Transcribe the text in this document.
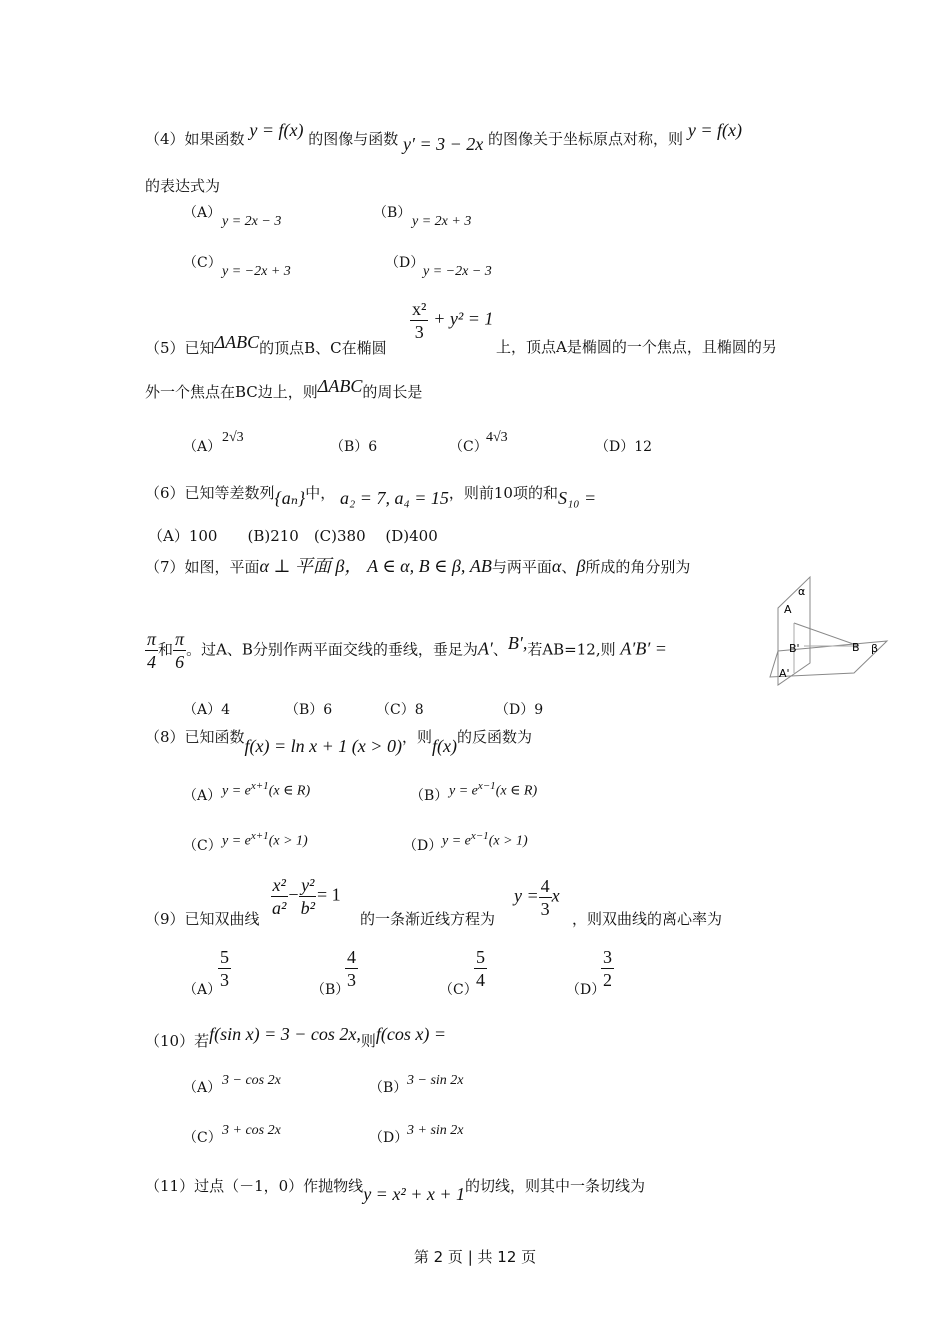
（4）如果函数 y = f(x) 的图像与函数 y′ = 3 − 2x 的图像关于坐标原点对称，则 y = f(x)
的表达式为
（A）
y = 2x − 3
（B）
y = 2x + 3
（C）
y = −2x + 3
（D）
y = −2x − 3
（5）已知ΔABC的顶点B、C在椭圆
$\frac{\text{x²}}{3} + y^2 = 1$
上，顶点A是椭圆的一个焦点，且椭圆的另
外一个焦点在BC边上，则ΔABC的周长是
（A）
2√3
（B）6	（C）
4√3
（D）12
（6）已知等差数列{aₙ}中， a₂ = 7, a₄ = 15，则前10项的和S₁₀ =
（A）100　　(B)210　(C)380　 (D)400
（7）如图，平面α ⊥ 平面 β， A ∈ α, B ∈ β, AB与两平面α、β所成的角分别为
$\frac{\pi}{4}$ 和 $\frac{\pi}{6}$ 。过A、B分别作两平面交线的垂线，垂足为A′、B′,若AB=12,则 A′B′ =
α
A
B β
B'
A'
（A）4	（B）6	（C）8	（D）9
（8）已知函数f(x) = ln x + 1 (x > 0)，则f(x)的反函数为
（A） $y = e^{x+1}(x$ ∈ R)	（B） $y = e^{x-1}(x$ ∈ R)
（C） $y = e^{x+1}(x > 1)$	（D） $y = e^{x-1}(x > 1)$
（9）已知双曲线 $\frac{\text{x²}}{\text{a²}} - \frac{\text{y²}}{\text{b²}} = 1$
的一条渐近线方程为
$y = \frac{4}{3}$ x
，则双曲线的离心率为
（A）
$\frac{5}{3}$	（B）
$\frac{4}{3}$	（C）
$\frac{5}{4}$	（D）
$\frac{3}{2}$
（10）若f(sin x) = 3 − cos 2x,则f(cos x) =
（A） 3 − cos 2x	（B） 3 − sin 2x
（C） 3 + cos 2x	（D）
3 + sin 2x
（11）过点（－1，0）作抛物线y = x² + x + 1的切线，则其中一条切线为
第 2 页 | 共 12 页
